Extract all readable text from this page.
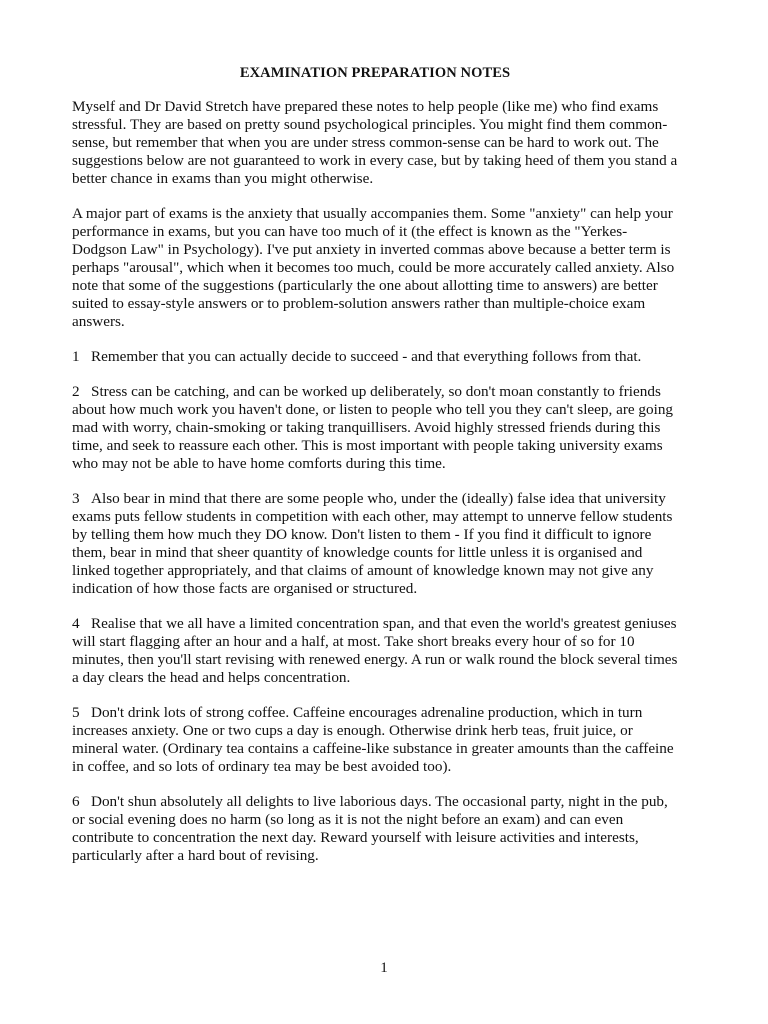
EXAMINATION PREPARATION NOTES

Myself and Dr David Stretch have prepared these notes to help people (like me) who find exams stressful. They are based on pretty sound psychological principles. You might find them common-sense, but remember that when you are under stress common-sense can be hard to work out. The suggestions below are not guaranteed to work in every case, but by taking heed of them you stand a better chance in exams than you might otherwise.

A major part of exams is the anxiety that usually accompanies them. Some "anxiety" can help your performance in exams, but you can have too much of it (the effect is known as the "Yerkes-Dodgson Law" in Psychology). I've put anxiety in inverted commas above because a better term is perhaps "arousal", which when it becomes too much, could be more accurately called anxiety. Also note that some of the suggestions (particularly the one about allotting time to answers) are better suited to essay-style answers or to problem-solution answers rather than multiple-choice exam answers.

1 Remember that you can actually decide to succeed - and that everything follows from that.

2 Stress can be catching, and can be worked up deliberately, so don't moan constantly to friends about how much work you haven't done, or listen to people who tell you they can't sleep, are going mad with worry, chain-smoking or taking tranquillisers. Avoid highly stressed friends during this time, and seek to reassure each other. This is most important with people taking university exams who may not be able to have home comforts during this time.

3 Also bear in mind that there are some people who, under the (ideally) false idea that university exams puts fellow students in competition with each other, may attempt to unnerve fellow students by telling them how much they DO know. Don't listen to them - If you find it difficult to ignore them, bear in mind that sheer quantity of knowledge counts for little unless it is organised and linked together appropriately, and that claims of amount of knowledge known may not give any indication of how those facts are organised or structured.

4 Realise that we all have a limited concentration span, and that even the world's greatest geniuses will start flagging after an hour and a half, at most. Take short breaks every hour of so for 10 minutes, then you'll start revising with renewed energy. A run or walk round the block several times a day clears the head and helps concentration.

5 Don't drink lots of strong coffee. Caffeine encourages adrenaline production, which in turn increases anxiety. One or two cups a day is enough. Otherwise drink herb teas, fruit juice, or mineral water. (Ordinary tea contains a caffeine-like substance in greater amounts than the caffeine in coffee, and so lots of ordinary tea may be best avoided too).

6 Don't shun absolutely all delights to live laborious days. The occasional party, night in the pub, or social evening does no harm (so long as it is not the night before an exam) and can even contribute to concentration the next day. Reward yourself with leisure activities and interests, particularly after a hard bout of revising.

1
